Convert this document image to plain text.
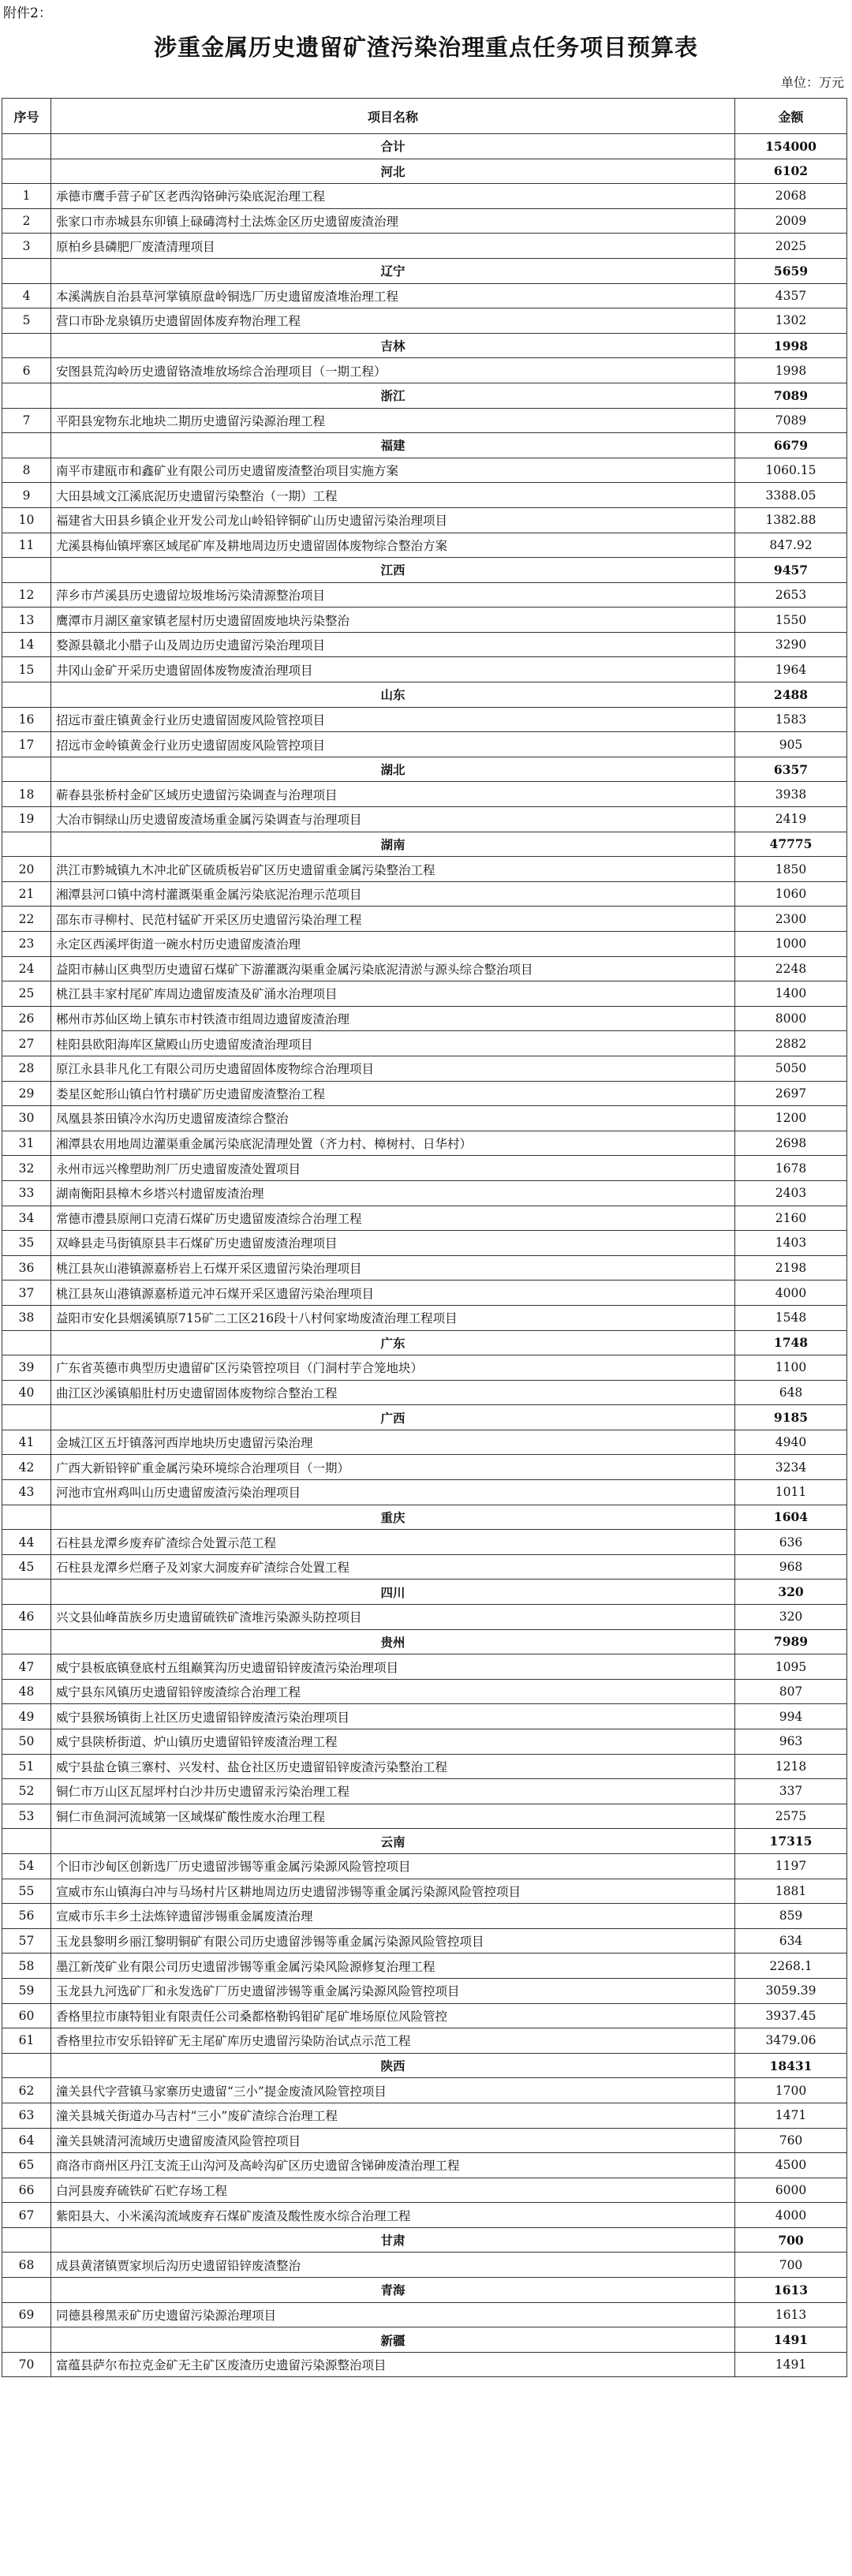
附件2：
涉重金属历史遗留矿渣污染治理重点任务项目预算表
单位：万元
序号	项目名称	金额
	合计	154000
	河北	6102
1	承德市鹰手营子矿区老西沟铬砷污染底泥治理工程	2068
2	张家口市赤城县东卯镇上碌碡湾村土法炼金区历史遗留废渣治理	2009
3	原柏乡县磷肥厂废渣清理项目	2025
	辽宁	5659
4	本溪满族自治县草河掌镇原盘岭铜选厂历史遗留废渣堆治理工程	4357
5	营口市卧龙泉镇历史遗留固体废弃物治理工程	1302
	吉林	1998
6	安图县荒沟岭历史遗留铬渣堆放场综合治理项目（一期工程）	1998
	浙江	7089
7	平阳县宠物东北地块二期历史遗留污染源治理工程	7089
	福建	6679
8	南平市建瓯市和鑫矿业有限公司历史遗留废渣整治项目实施方案	1060.15
9	大田县域文江溪底泥历史遗留污染整治（一期）工程	3388.05
10	福建省大田县乡镇企业开发公司龙山岭铅锌铜矿山历史遗留污染治理项目	1382.88
11	尤溪县梅仙镇坪寨区域尾矿库及耕地周边历史遗留固体废物综合整治方案	847.92
	江西	9457
12	萍乡市芦溪县历史遗留垃圾堆场污染清源整治项目	2653
13	鹰潭市月湖区童家镇老屋村历史遗留固废地块污染整治	1550
14	婺源县赣北小腊子山及周边历史遗留污染治理项目	3290
15	井冈山金矿开采历史遗留固体废物废渣治理项目	1964
	山东	2488
16	招远市蚕庄镇黄金行业历史遗留固废风险管控项目	1583
17	招远市金岭镇黄金行业历史遗留固废风险管控项目	905
	湖北	6357
18	蕲春县张桥村金矿区域历史遗留污染调查与治理项目	3938
19	大冶市铜绿山历史遗留废渣场重金属污染调查与治理项目	2419
	湖南	47775
20	洪江市黔城镇九木冲北矿区硫质板岩矿区历史遗留重金属污染整治工程	1850
21	湘潭县河口镇中湾村灌溉渠重金属污染底泥治理示范项目	1060
22	邵东市寻柳村、民范村锰矿开采区历史遗留污染治理工程	2300
23	永定区西溪坪街道一碗水村历史遗留废渣治理	1000
24	益阳市赫山区典型历史遗留石煤矿下游灌溉沟渠重金属污染底泥清淤与源头综合整治项目	2248
25	桃江县丰家村尾矿库周边遗留废渣及矿涌水治理项目	1400
26	郴州市苏仙区坳上镇东市村铁渣市组周边遗留废渣治理	8000
27	桂阳县欧阳海库区黛殿山历史遗留废渣治理项目	2882
28	原江永县非凡化工有限公司历史遗留固体废物综合治理项目	5050
29	娄星区蛇形山镇白竹村璜矿历史遗留废渣整治工程	2697
30	凤凰县茶田镇冷水沟历史遗留废渣综合整治	1200
31	湘潭县农用地周边灌渠重金属污染底泥清理处置（齐力村、樟树村、日华村）	2698
32	永州市远兴橡塑助剂厂历史遗留废渣处置项目	1678
33	湖南衡阳县樟木乡塔兴村遗留废渣治理	2403
34	常德市澧县原闸口克清石煤矿历史遗留废渣综合治理工程	2160
35	双峰县走马街镇原县丰石煤矿历史遗留废渣治理项目	1403
36	桃江县灰山港镇源嘉桥岩上石煤开采区遗留污染治理项目	2198
37	桃江县灰山港镇源嘉桥道元冲石煤开采区遗留污染治理项目	4000
38	益阳市安化县烟溪镇原715矿二工区216段十八村何家坳废渣治理工程项目	1548
	广东	1748
39	广东省英德市典型历史遗留矿区污染管控项目（门洞村芋合笼地块）	1100
40	曲江区沙溪镇船肚村历史遗留固体废物综合整治工程	648
	广西	9185
41	金城江区五圩镇落河西岸地块历史遗留污染治理	4940
42	广西大新铅锌矿重金属污染环境综合治理项目（一期）	3234
43	河池市宜州鸡叫山历史遗留废渣污染治理项目	1011
	重庆	1604
44	石柱县龙潭乡废弃矿渣综合处置示范工程	636
45	石柱县龙潭乡烂磨子及刘家大洞废弃矿渣综合处置工程	968
	四川	320
46	兴文县仙峰苗族乡历史遗留硫铁矿渣堆污染源头防控项目	320
	贵州	7989
47	威宁县板底镇登底村五组巅箕沟历史遗留铅锌废渣污染治理项目	1095
48	威宁县东风镇历史遗留铅锌废渣综合治理工程	807
49	威宁县猴场镇街上社区历史遗留铅锌废渣污染治理项目	994
50	威宁县陕桥街道、炉山镇历史遗留铅锌废渣治理工程	963
51	威宁县盐仓镇三寨村、兴发村、盐仓社区历史遗留铅锌废渣污染整治工程	1218
52	铜仁市万山区瓦屋坪村白沙井历史遗留汞污染治理工程	337
53	铜仁市鱼洞河流域第一区域煤矿酸性废水治理工程	2575
	云南	17315
54	个旧市沙甸区创新选厂历史遗留涉锡等重金属污染源风险管控项目	1197
55	宣威市东山镇海白冲与马场村片区耕地周边历史遗留涉锡等重金属污染源风险管控项目	1881
56	宣威市乐丰乡土法炼锌遗留涉锡重金属废渣治理	859
57	玉龙县黎明乡丽江黎明铜矿有限公司历史遗留涉锡等重金属污染源风险管控项目	634
58	墨江新茂矿业有限公司历史遗留涉锡等重金属污染风险源修复治理工程	2268.1
59	玉龙县九河选矿厂和永发选矿厂历史遗留涉锡等重金属污染源风险管控项目	3059.39
60	香格里拉市康特钼业有限责任公司桑都格勒钨钼矿尾矿堆场原位风险管控	3937.45
61	香格里拉市安乐铅锌矿无主尾矿库历史遗留污染防治试点示范工程	3479.06
	陕西	18431
62	潼关县代字营镇马家寨历史遗留“三小”提金废渣风险管控项目	1700
63	潼关县城关街道办马吉村“三小”废矿渣综合治理工程	1471
64	潼关县姚清河流域历史遗留废渣风险管控项目	760
65	商洛市商州区丹江支流王山沟河及高岭沟矿区历史遗留含锑砷废渣治理工程	4500
66	白河县废弃硫铁矿石贮存场工程	6000
67	紫阳县大、小米溪沟流域废弃石煤矿废渣及酸性废水综合治理工程	4000
	甘肃	700
68	成县黄渚镇贾家坝后沟历史遗留铅锌废渣整治	700
	青海	1613
69	同德县穆黑汞矿历史遗留污染源治理项目	1613
	新疆	1491
70	富蕴县萨尔布拉克金矿无主矿区废渣历史遗留污染源整治项目	1491
